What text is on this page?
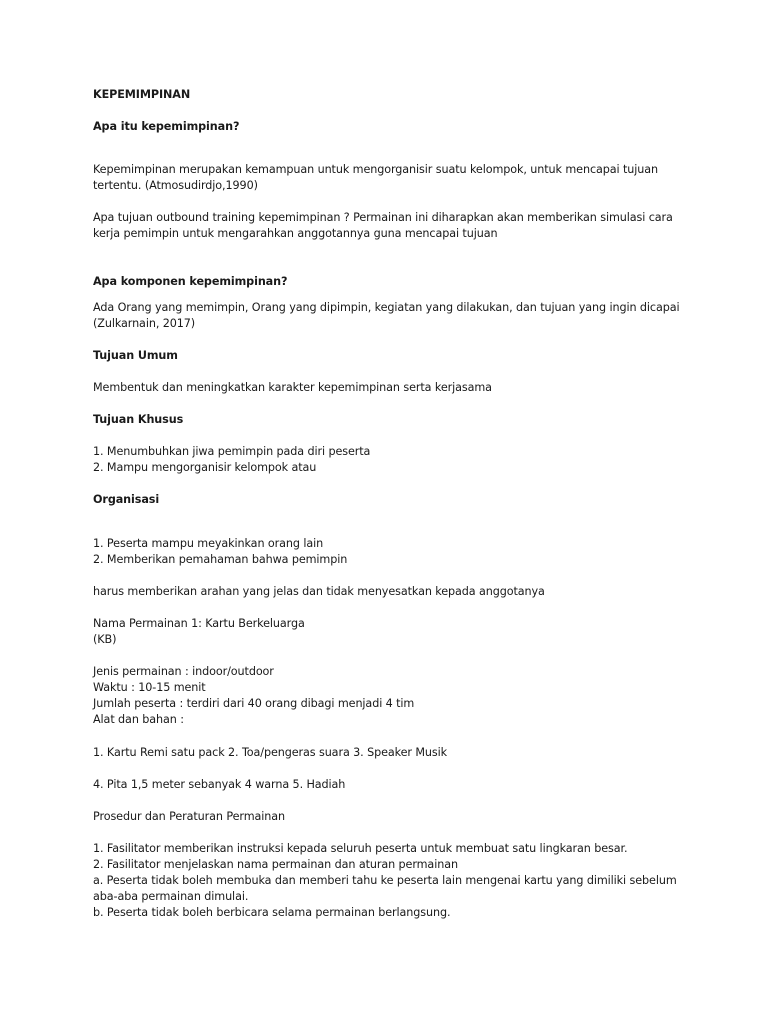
KEPEMIMPINAN

Apa itu kepemimpinan?

Kepemimpinan merupakan kemampuan untuk mengorganisir suatu kelompok, untuk mencapai tujuan

tertentu. (Atmosudirdjo,1990)

Apa tujuan outbound training kepemimpinan ? Permainan ini diharapkan akan memberikan simulasi cara

kerja pemimpin untuk mengarahkan anggotannya guna mencapai tujuan

Apa komponen kepemimpinan?

Ada Orang yang memimpin, Orang yang dipimpin, kegiatan yang dilakukan, dan tujuan yang ingin dicapai

(Zulkarnain, 2017)

Tujuan Umum

Membentuk dan meningkatkan karakter kepemimpinan serta kerjasama

Tujuan Khusus

1. Menumbuhkan jiwa pemimpin pada diri peserta

2. Mampu mengorganisir kelompok atau

Organisasi

1. Peserta mampu meyakinkan orang lain

2. Memberikan pemahaman bahwa pemimpin

harus memberikan arahan yang jelas dan tidak menyesatkan kepada anggotanya

Nama Permainan 1: Kartu Berkeluarga

(KB)

Jenis permainan : indoor/outdoor

Waktu : 10-15 menit

Jumlah peserta : terdiri dari 40 orang dibagi menjadi 4 tim

Alat dan bahan :

1. Kartu Remi satu pack 2. Toa/pengeras suara 3. Speaker Musik

4. Pita 1,5 meter sebanyak 4 warna 5. Hadiah

Prosedur dan Peraturan Permainan

1. Fasilitator memberikan instruksi kepada seluruh peserta untuk membuat satu lingkaran besar.

2. Fasilitator menjelaskan nama permainan dan aturan permainan

a. Peserta tidak boleh membuka dan memberi tahu ke peserta lain mengenai kartu yang dimiliki sebelum

aba-aba permainan dimulai.

b. Peserta tidak boleh berbicara selama permainan berlangsung.
